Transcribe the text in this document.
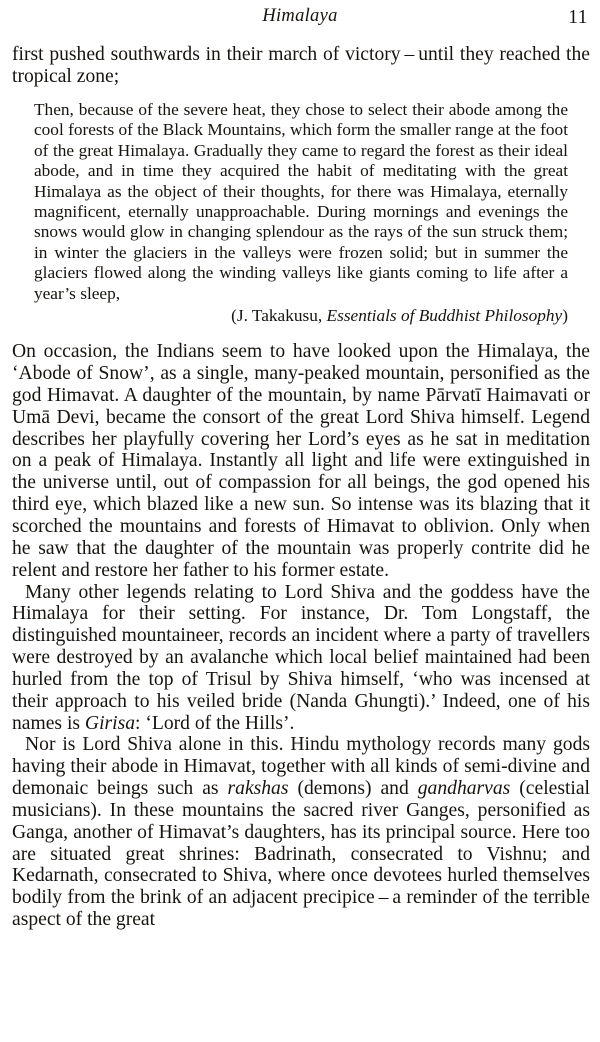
Himalaya	11

first pushed southwards in their march of victory – until they reached the tropical zone;

Then, because of the severe heat, they chose to select their abode among the cool forests of the Black Mountains, which form the smaller range at the foot of the great Himalaya. Gradually they came to regard the forest as their ideal abode, and in time they acquired the habit of meditating with the great Himalaya as the object of their thoughts, for there was Himalaya, eternally magnificent, eternally unapproachable. During mornings and evenings the snows would glow in changing splendour as the rays of the sun struck them; in winter the glaciers in the valleys were frozen solid; but in summer the glaciers flowed along the winding valleys like giants coming to life after a year’s sleep,

(J. Takakusu, Essentials of Buddhist Philosophy)

On occasion, the Indians seem to have looked upon the Himalaya, the ‘Abode of Snow’, as a single, many-peaked mountain, personified as the god Himavat. A daughter of the mountain, by name Pārvatī Haimavati or Umā Devi, became the consort of the great Lord Shiva himself. Legend describes her playfully covering her Lord’s eyes as he sat in meditation on a peak of Himalaya. Instantly all light and life were extinguished in the universe until, out of compassion for all beings, the god opened his third eye, which blazed like a new sun. So intense was its blazing that it scorched the mountains and forests of Himavat to oblivion. Only when he saw that the daughter of the mountain was properly contrite did he relent and restore her father to his former estate.

Many other legends relating to Lord Shiva and the goddess have the Himalaya for their setting. For instance, Dr. Tom Longstaff, the distinguished mountaineer, records an incident where a party of travellers were destroyed by an avalanche which local belief maintained had been hurled from the top of Trisul by Shiva himself, ‘who was incensed at their approach to his veiled bride (Nanda Ghungti).’ Indeed, one of his names is Girisa: ‘Lord of the Hills’.

Nor is Lord Shiva alone in this. Hindu mythology records many gods having their abode in Himavat, together with all kinds of semi-divine and demonaic beings such as rakshas (demons) and gandharvas (celestial musicians). In these mountains the sacred river Ganges, personified as Ganga, another of Himavat’s daughters, has its principal source. Here too are situated great shrines: Badrinath, consecrated to Vishnu; and Kedarnath, consecrated to Shiva, where once devotees hurled themselves bodily from the brink of an adjacent precipice – a reminder of the terrible aspect of the great
